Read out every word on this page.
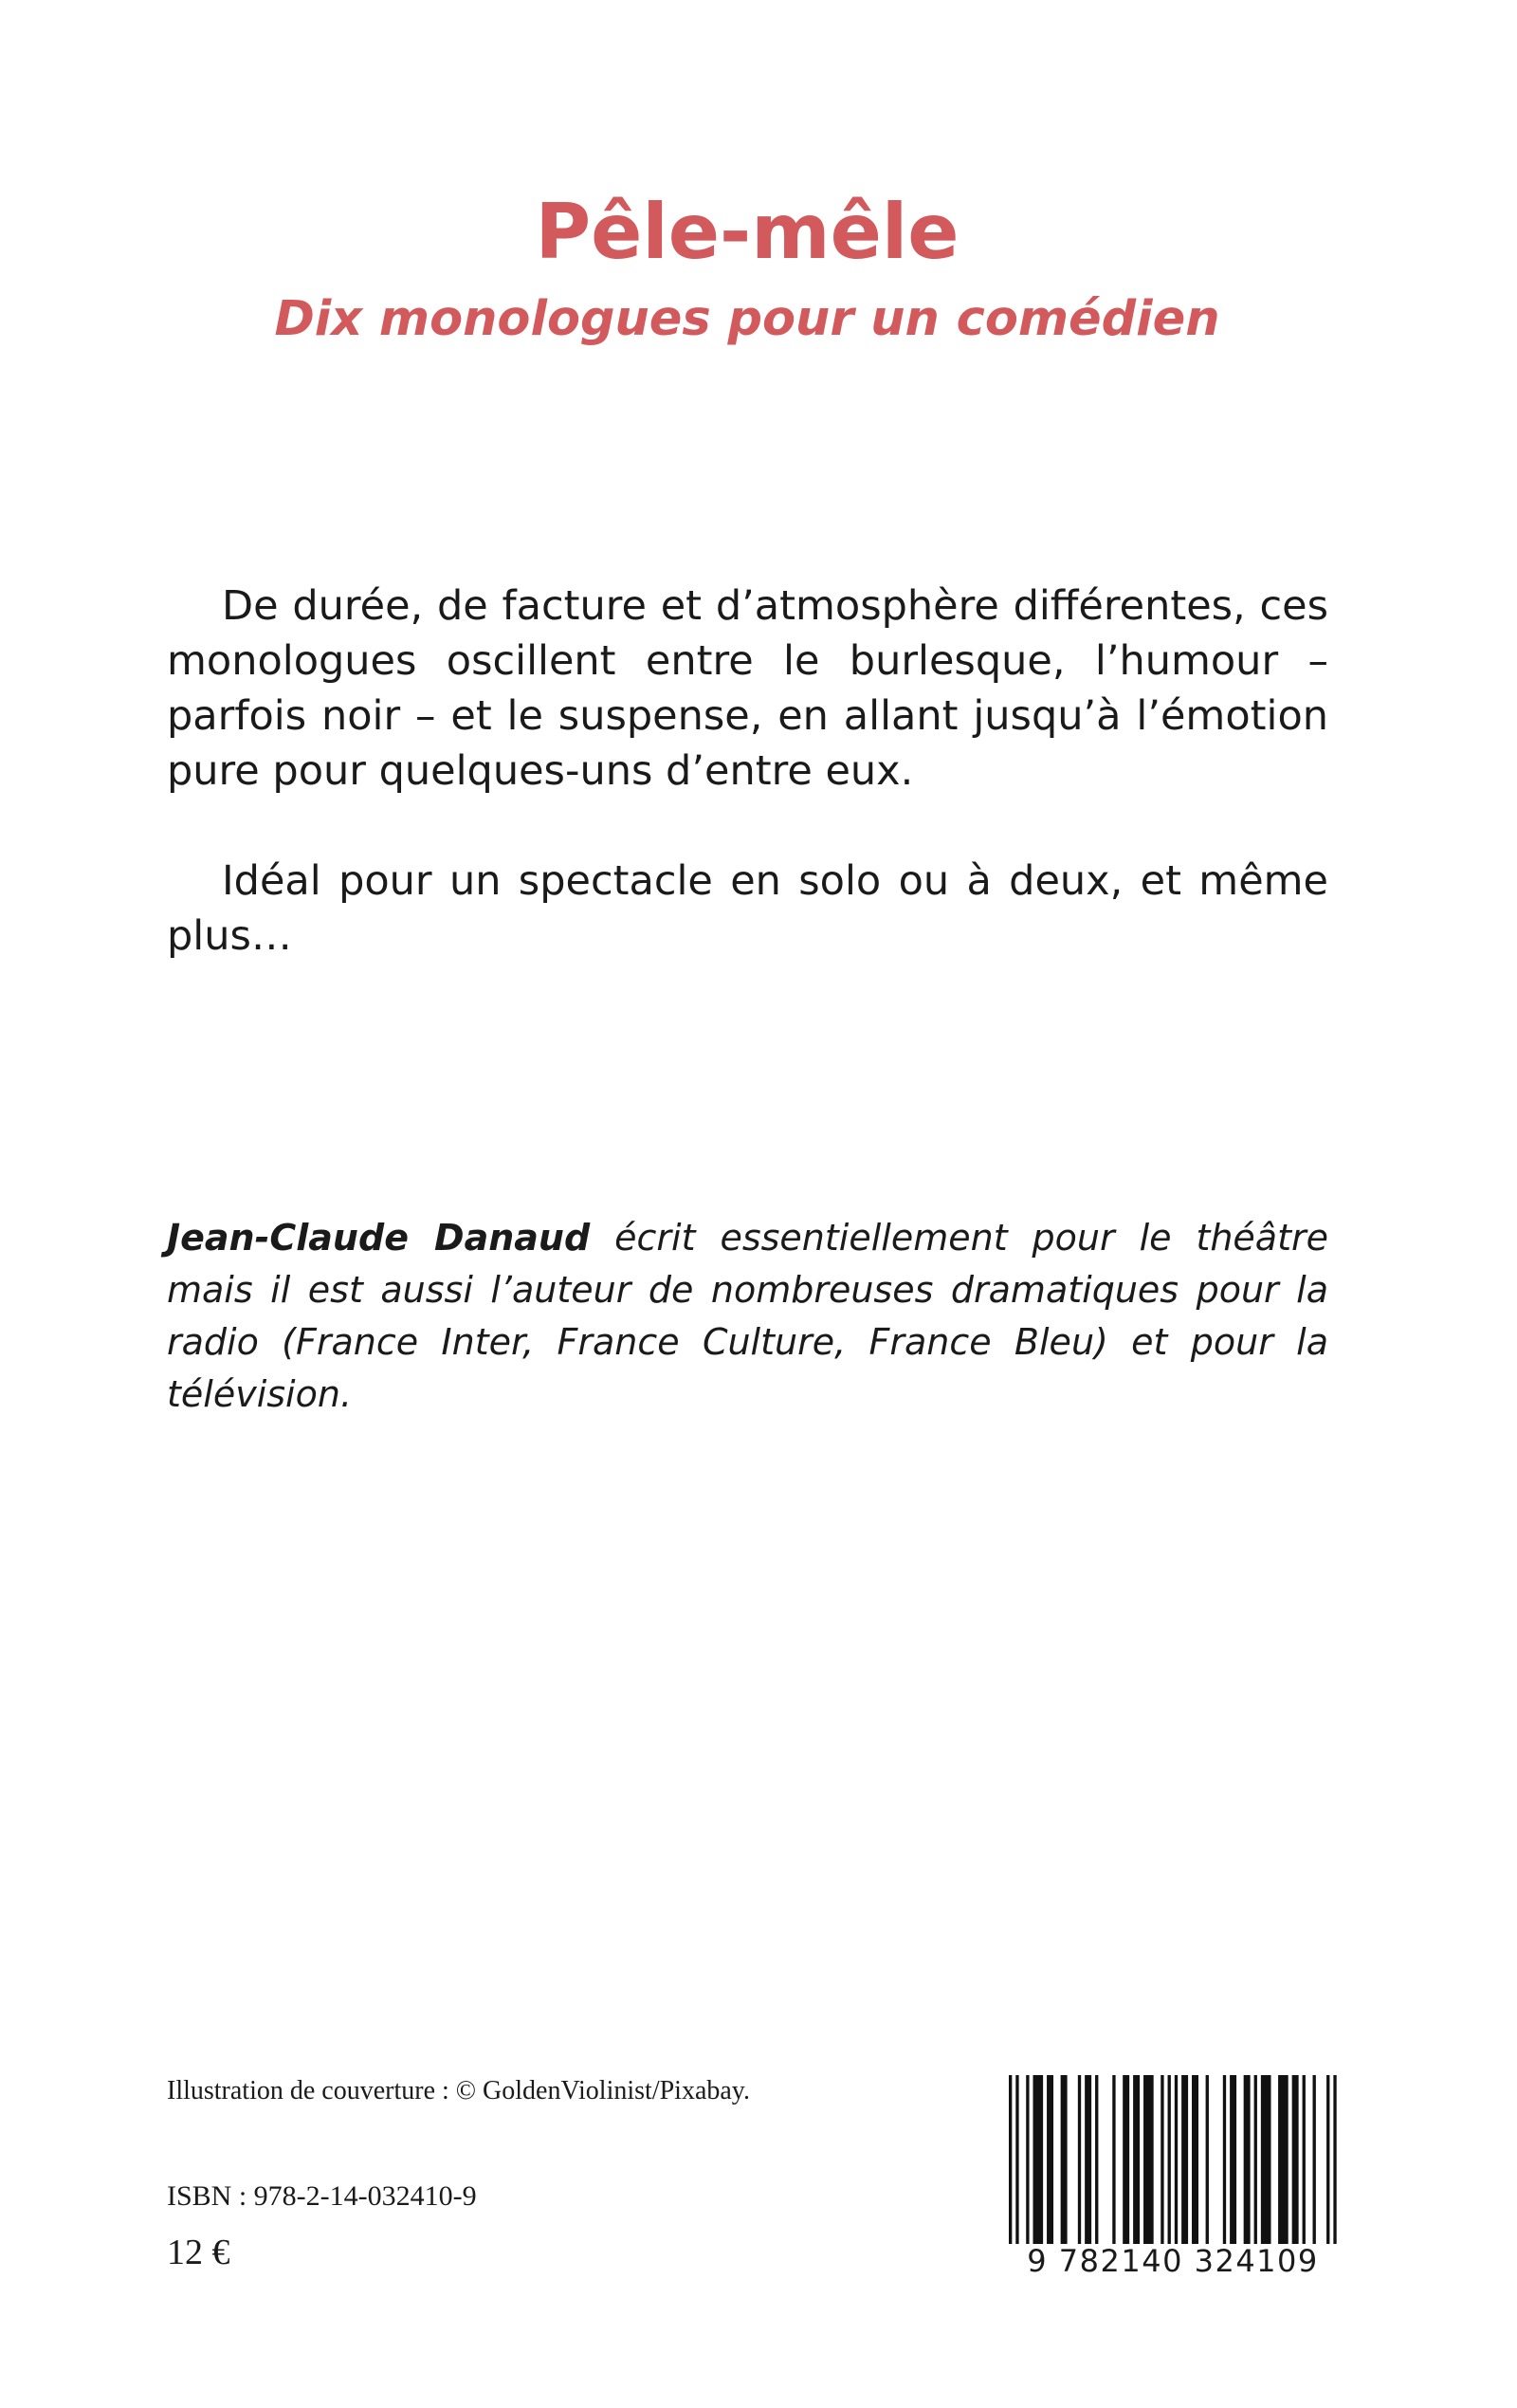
Pêle-mêle
Dix monologues pour un comédien

De durée, de facture et d’atmosphère différentes, ces monologues oscillent entre le burlesque, l’humour – parfois noir – et le suspense, en allant jusqu’à l’émotion pure pour quelques-uns d’entre eux.

Idéal pour un spectacle en solo ou à deux, et même plus…

Jean-Claude Danaud écrit essentiellement pour le théâtre mais il est aussi l’auteur de nombreuses dramatiques pour la radio (France Inter, France Culture, France Bleu) et pour la télévision.

Illustration de couverture : © GoldenViolinist/Pixabay.

ISBN : 978-2-14-032410-9

12 €	9 782140 324109
